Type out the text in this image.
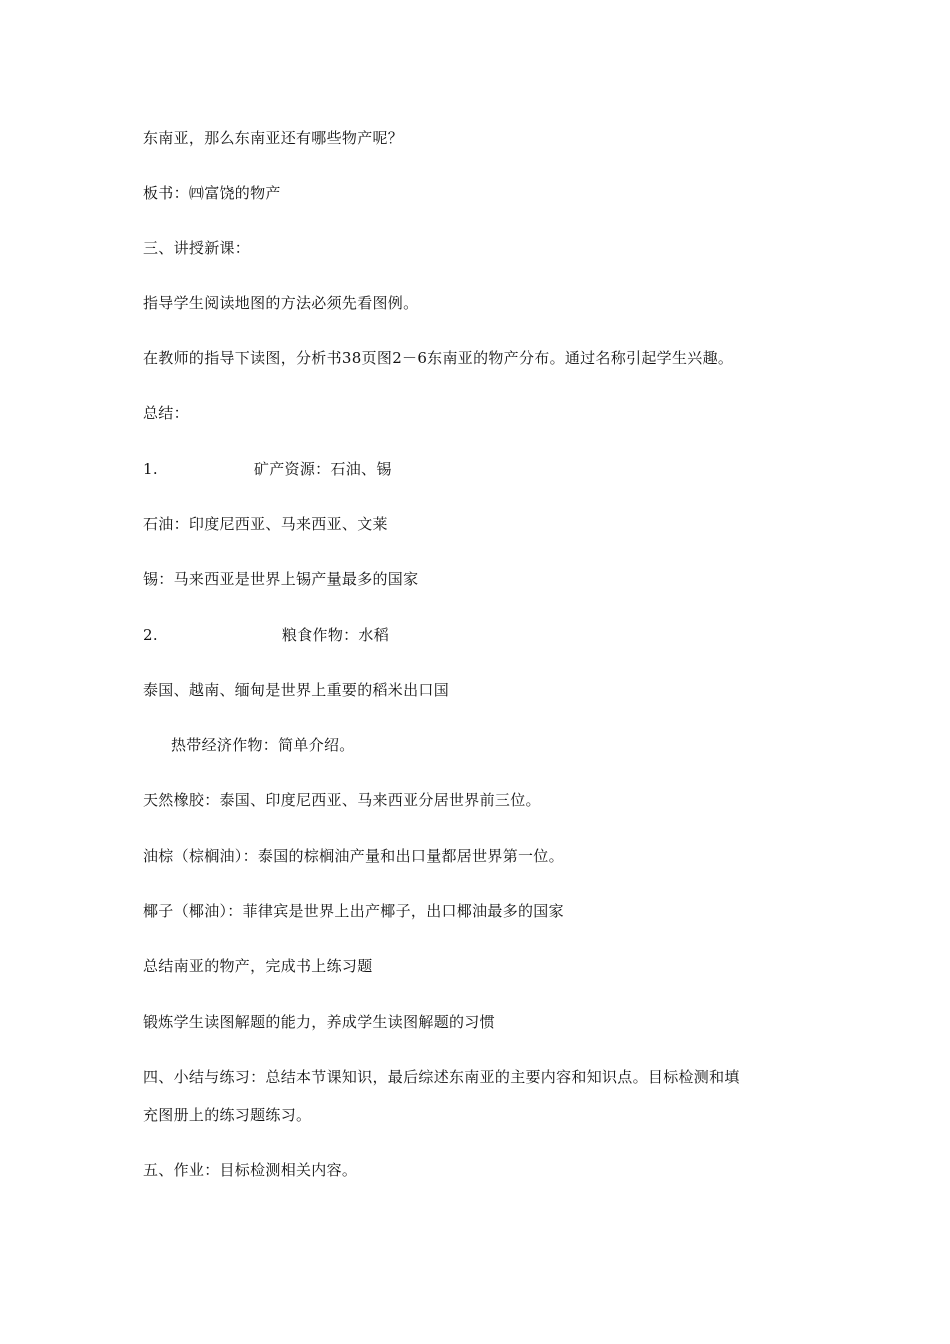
东南亚，那么东南亚还有哪些物产呢？
板书：㈣富饶的物产
三、讲授新课：
指导学生阅读地图的方法必须先看图例。
在教师的指导下读图，分析书38页图2－6东南亚的物产分布。通过名称引起学生兴趣。
总结：
1.	矿产资源：石油、锡
石油：印度尼西亚、马来西亚、文莱
锡：马来西亚是世界上锡产量最多的国家
2.	粮食作物：水稻
泰国、越南、缅甸是世界上重要的稻米出口国
热带经济作物：简单介绍。
天然橡胶：泰国、印度尼西亚、马来西亚分居世界前三位。
油棕（棕榈油）：泰国的棕榈油产量和出口量都居世界第一位。
椰子（椰油）：菲律宾是世界上出产椰子，出口椰油最多的国家
总结南亚的物产，完成书上练习题
锻炼学生读图解题的能力，养成学生读图解题的习惯
四、小结与练习：总结本节课知识，最后综述东南亚的主要内容和知识点。目标检测和填
充图册上的练习题练习。
五、作业：目标检测相关内容。
